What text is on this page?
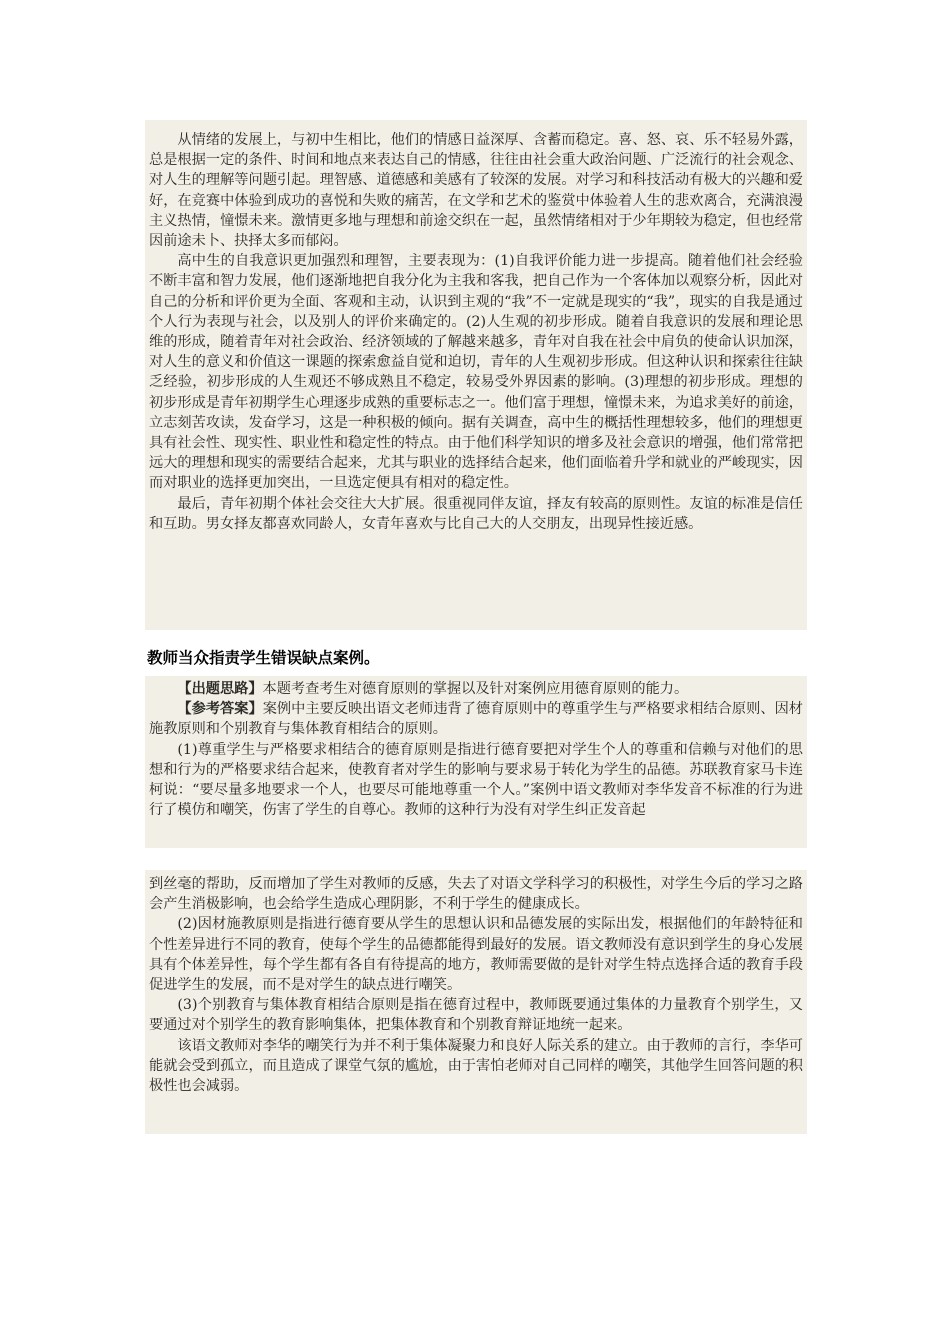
从情绪的发展上，与初中生相比，他们的情感日益深厚、含蓄而稳定。喜、怒、哀、乐不轻易外露，总是根据一定的条件、时间和地点来表达自己的情感，往往由社会重大政治问题、广泛流行的社会观念、对人生的理解等问题引起。理智感、道德感和美感有了较深的发展。对学习和科技活动有极大的兴趣和爱好，在竞赛中体验到成功的喜悦和失败的痛苦，在文学和艺术的鉴赏中体验着人生的悲欢离合，充满浪漫主义热情，憧憬未来。激情更多地与理想和前途交织在一起，虽然情绪相对于少年期较为稳定，但也经常因前途未卜、抉择太多而郁闷。

高中生的自我意识更加强烈和理智，主要表现为：(1)自我评价能力进一步提高。随着他们社会经验不断丰富和智力发展，他们逐渐地把自我分化为主我和客我，把自己作为一个客体加以观察分析，因此对自己的分析和评价更为全面、客观和主动，认识到主观的“我”不一定就是现实的“我”，现实的自我是通过个人行为表现与社会，以及别人的评价来确定的。(2)人生观的初步形成。随着自我意识的发展和理论思维的形成，随着青年对社会政治、经济领域的了解越来越多，青年对自我在社会中肩负的使命认识加深，对人生的意义和价值这一课题的探索愈益自觉和迫切，青年的人生观初步形成。但这种认识和探索往往缺乏经验，初步形成的人生观还不够成熟且不稳定，较易受外界因素的影响。(3)理想的初步形成。理想的初步形成是青年初期学生心理逐步成熟的重要标志之一。他们富于理想，憧憬未来，为追求美好的前途，立志刻苦攻读，发奋学习，这是一种积极的倾向。据有关调查，高中生的概括性理想较多，他们的理想更具有社会性、现实性、职业性和稳定性的特点。由于他们科学知识的增多及社会意识的增强，他们常常把远大的理想和现实的需要结合起来，尤其与职业的选择结合起来，他们面临着升学和就业的严峻现实，因而对职业的选择更加突出，一旦选定便具有相对的稳定性。

最后，青年初期个体社会交往大大扩展。很重视同伴友谊，择友有较高的原则性。友谊的标准是信任和互助。男女择友都喜欢同龄人，女青年喜欢与比自己大的人交朋友，出现异性接近感。

教师当众指责学生错误缺点案例。

【出题思路】本题考查考生对德育原则的掌握以及针对案例应用德育原则的能力。

【参考答案】案例中主要反映出语文老师违背了德育原则中的尊重学生与严格要求相结合原则、因材施教原则和个别教育与集体教育相结合的原则。

(1)尊重学生与严格要求相结合的德育原则是指进行德育要把对学生个人的尊重和信赖与对他们的思想和行为的严格要求结合起来，使教育者对学生的影响与要求易于转化为学生的品德。苏联教育家马卡连柯说：“要尽量多地要求一个人，也要尽可能地尊重一个人。”案例中语文教师对李华发音不标准的行为进行了模仿和嘲笑，伤害了学生的自尊心。教师的这种行为没有对学生纠正发音起

到丝毫的帮助，反而增加了学生对教师的反感，失去了对语文学科学习的积极性，对学生今后的学习之路会产生消极影响，也会给学生造成心理阴影，不利于学生的健康成长。

(2)因材施教原则是指进行德育要从学生的思想认识和品德发展的实际出发，根据他们的年龄特征和个性差异进行不同的教育，使每个学生的品德都能得到最好的发展。语文教师没有意识到学生的身心发展具有个体差异性，每个学生都有各自有待提高的地方，教师需要做的是针对学生特点选择合适的教育手段促进学生的发展，而不是对学生的缺点进行嘲笑。

(3)个别教育与集体教育相结合原则是指在德育过程中，教师既要通过集体的力量教育个别学生，又要通过对个别学生的教育影响集体，把集体教育和个别教育辩证地统一起来。

该语文教师对李华的嘲笑行为并不利于集体凝聚力和良好人际关系的建立。由于教师的言行，李华可能就会受到孤立，而且造成了课堂气氛的尴尬，由于害怕老师对自己同样的嘲笑，其他学生回答问题的积极性也会减弱。
